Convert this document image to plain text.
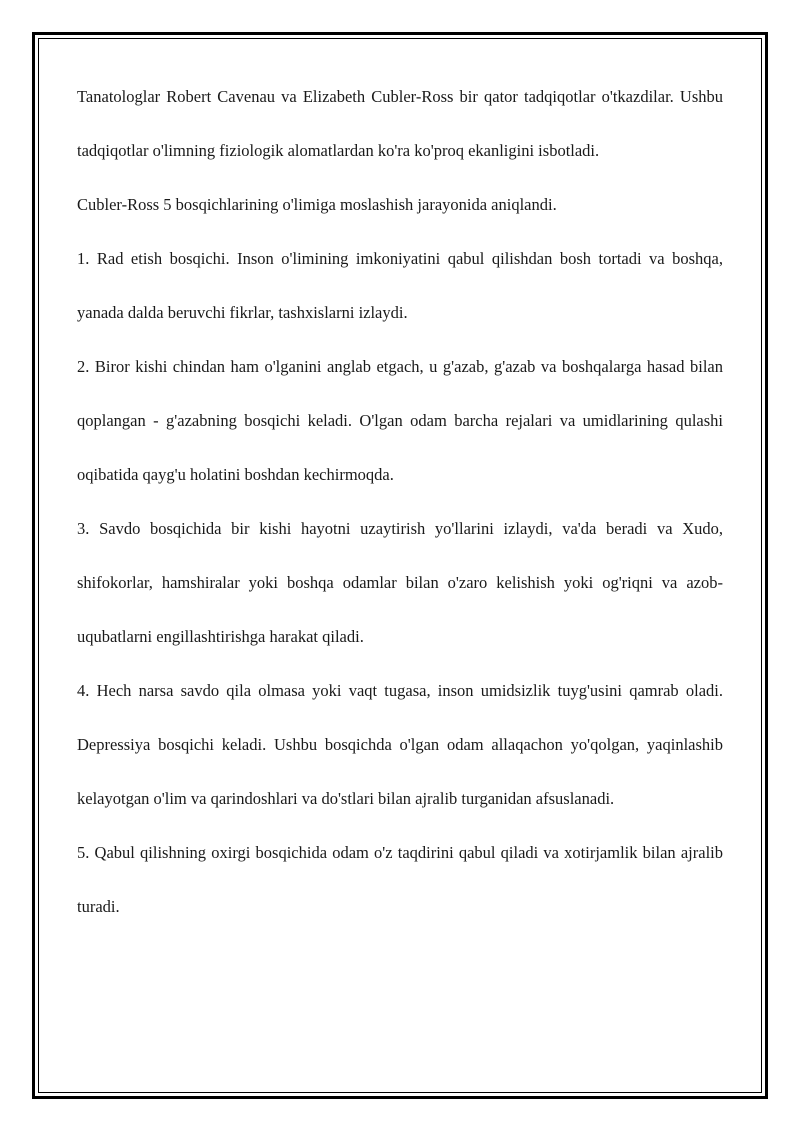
Tanatologlar Robert Cavenau va Elizabeth Cubler-Ross bir qator tadqiqotlar o'tkazdilar. Ushbu tadqiqotlar o'limning fiziologik alomatlardan ko'ra ko'proq ekanligini isbotladi.

Cubler-Ross 5 bosqichlarining o'limiga moslashish jarayonida aniqlandi.

1. Rad etish bosqichi. Inson o'limining imkoniyatini qabul qilishdan bosh tortadi va boshqa, yanada dalda beruvchi fikrlar, tashxislarni izlaydi.

2. Biror kishi chindan ham o'lganini anglab etgach, u g'azab, g'azab va boshqalarga hasad bilan qoplangan - g'azabning bosqichi keladi. O'lgan odam barcha rejalari va umidlarining qulashi oqibatida qayg'u holatini boshdan kechirmoqda.

3. Savdo bosqichida bir kishi hayotni uzaytirish yo'llarini izlaydi, va'da beradi va Xudo, shifokorlar, hamshiralar yoki boshqa odamlar bilan o'zaro kelishish yoki og'riqni va azob-uqubatlarni engillashtirishga harakat qiladi.

4. Hech narsa savdo qila olmasa yoki vaqt tugasa, inson umidsizlik tuyg'usini qamrab oladi. Depressiya bosqichi keladi. Ushbu bosqichda o'lgan odam allaqachon yo'qolgan, yaqinlashib kelayotgan o'lim va qarindoshlari va do'stlari bilan ajralib turganidan afsuslanadi.

5. Qabul qilishning oxirgi bosqichida odam o'z taqdirini qabul qiladi va xotirjamlik bilan ajralib turadi.
